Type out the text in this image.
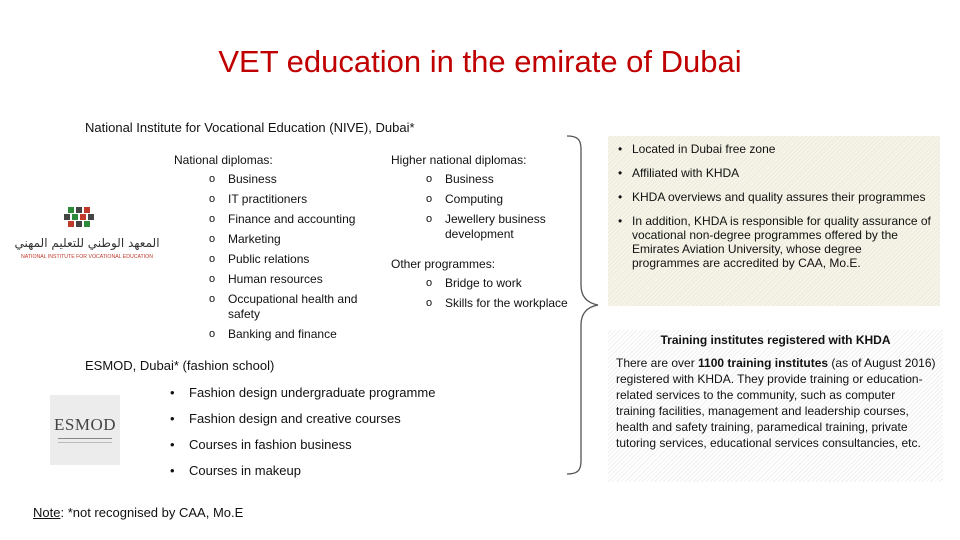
VET education in the emirate of Dubai
National Institute for Vocational Education (NIVE), Dubai*
المعهد الوطني للتعليم المهني
NATIONAL INSTITUTE FOR VOCATIONAL EDUCATION
National diplomas:
o Business
o IT practitioners
o Finance and accounting
o Marketing
o Public relations
o Human resources
o Occupational health and safety
o Banking and finance
Higher national diplomas:
o Business
o Computing
o Jewellery business development
Other programmes:
o Bridge to work
o Skills for the workplace
ESMOD, Dubai* (fashion school)
ESMOD
• Fashion design undergraduate programme
• Fashion design and creative courses
• Courses in fashion business
• Courses in makeup
Note: *not recognised by CAA, Mo.E
• Located in Dubai free zone
• Affiliated with KHDA
• KHDA overviews and quality assures their programmes
• In addition, KHDA is responsible for quality assurance of vocational non-degree programmes offered by the Emirates Aviation University, whose degree programmes are accredited by CAA, Mo.E.
Training institutes registered with KHDA
There are over 1100 training institutes (as of August 2016) registered with KHDA. They provide training or education-related services to the community, such as computer training facilities, management and leadership courses, health and safety training, paramedical training, private tutoring services, educational services consultancies, etc.
